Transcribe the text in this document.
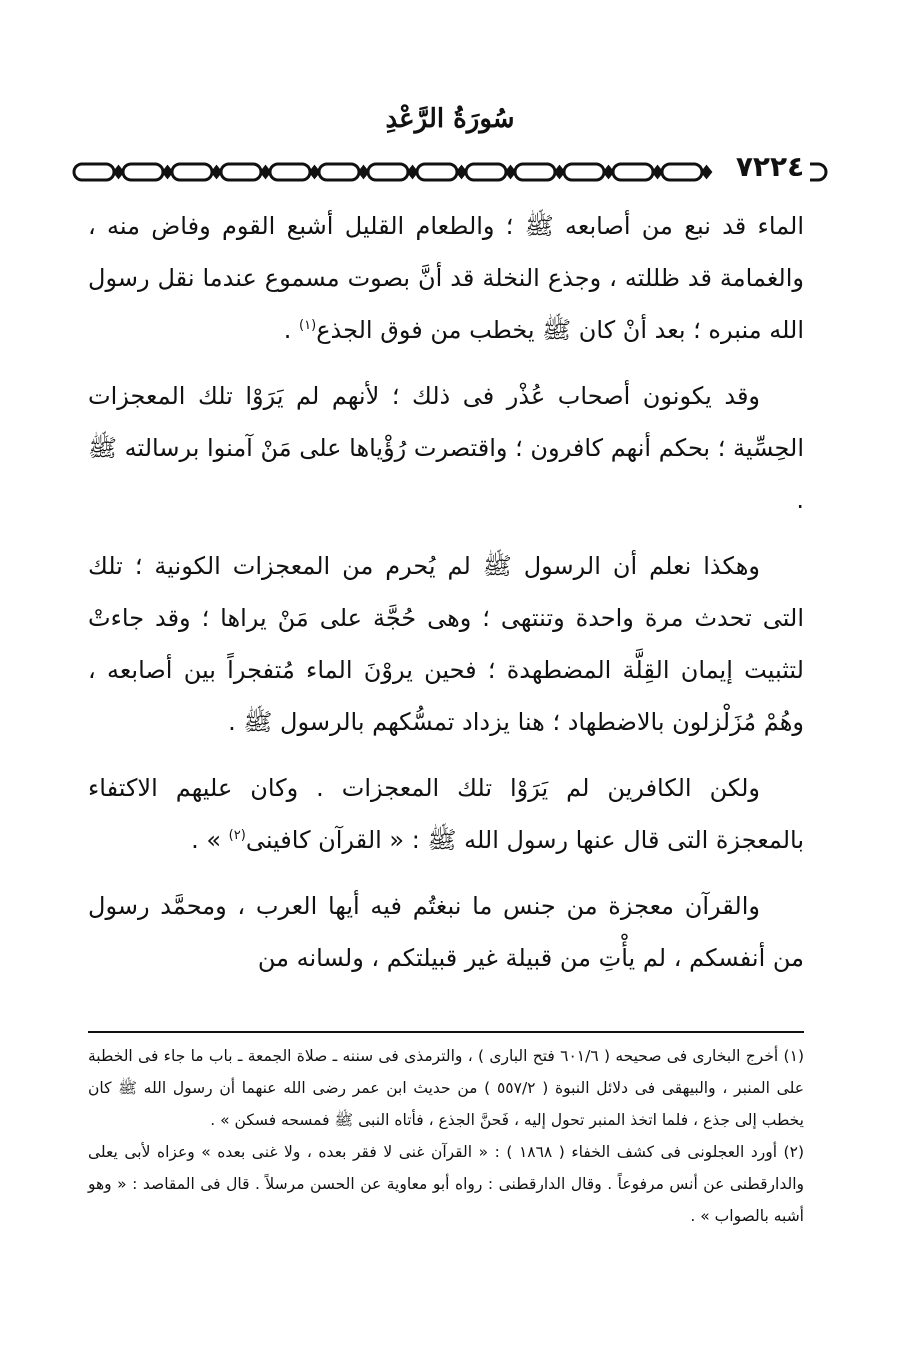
سُورَةُ الرَّعْدِ
٧٢٢٤

الماء قد نبع من أصابعه ﷺ ؛ والطعام القليل أشبع القوم وفاض منه ، والغمامة قد ظللته ، وجذع النخلة قد أنَّ بصوت مسموع عندما نقل رسول الله منبره ؛ بعد أنْ كان ﷺ يخطب من فوق الجذع$^{(١)}$ .

وقد يكونون أصحاب عُذْر فى ذلك ؛ لأنهم لم يَرَوْا تلك المعجزات الحِسِّية ؛ بحكم أنهم كافرون ؛ واقتصرت رُؤْياها على مَنْ آمنوا برسالته ﷺ .

وهكذا نعلم أن الرسول ﷺ لم يُحرم من المعجزات الكونية ؛ تلك التى تحدث مرة واحدة وتنتهى ؛ وهى حُجَّة على مَنْ يراها ؛ وقد جاءتْ لتثبيت إيمان القِلَّة المضطهدة ؛ فحين يروْنَ الماء مُتفجراً بين أصابعه ، وهُمْ مُزَلْزلون بالاضطهاد ؛ هنا يزداد تمسُّكهم بالرسول ﷺ .

ولكن الكافرين لم يَرَوْا تلك المعجزات . وكان عليهم الاكتفاء بالمعجزة التى قال عنها رسول الله ﷺ : « القرآن كافينى$^{(٢)}$ » .

والقرآن معجزة من جنس ما نبغتُم فيه أيها العرب ، ومحمَّد رسول من أنفسكم ، لم يأْتِ من قبيلة غير قبيلتكم ، ولسانه من

(١) أخرج البخارى فى صحيحه ( ٦٠١/٦ فتح البارى ) ، والترمذى فى سننه ـ صلاة الجمعة ـ باب ما جاء فى الخطبة على المنبر ، والبيهقى فى دلائل النبوة ( ٥٥٧/٢ ) من حديث ابن عمر رضى الله عنهما أن رسول الله ﷺ كان يخطب إلى جذع ، فلما اتخذ المنبر تحول إليه ، فَحنَّ الجذع ، فأتاه النبى ﷺ فمسحه فسكن » .

(٢) أورد العجلونى فى كشف الخفاء ( ١٨٦٨ ) : « القرآن غنى لا فقر بعده ، ولا غنى بعده » وعزاه لأبى يعلى والدارقطنى عن أنس مرفوعاً . وقال الدارقطنى : رواه أبو معاوية عن الحسن مرسلاً . قال فى المقاصد : « وهو أشبه بالصواب » .
